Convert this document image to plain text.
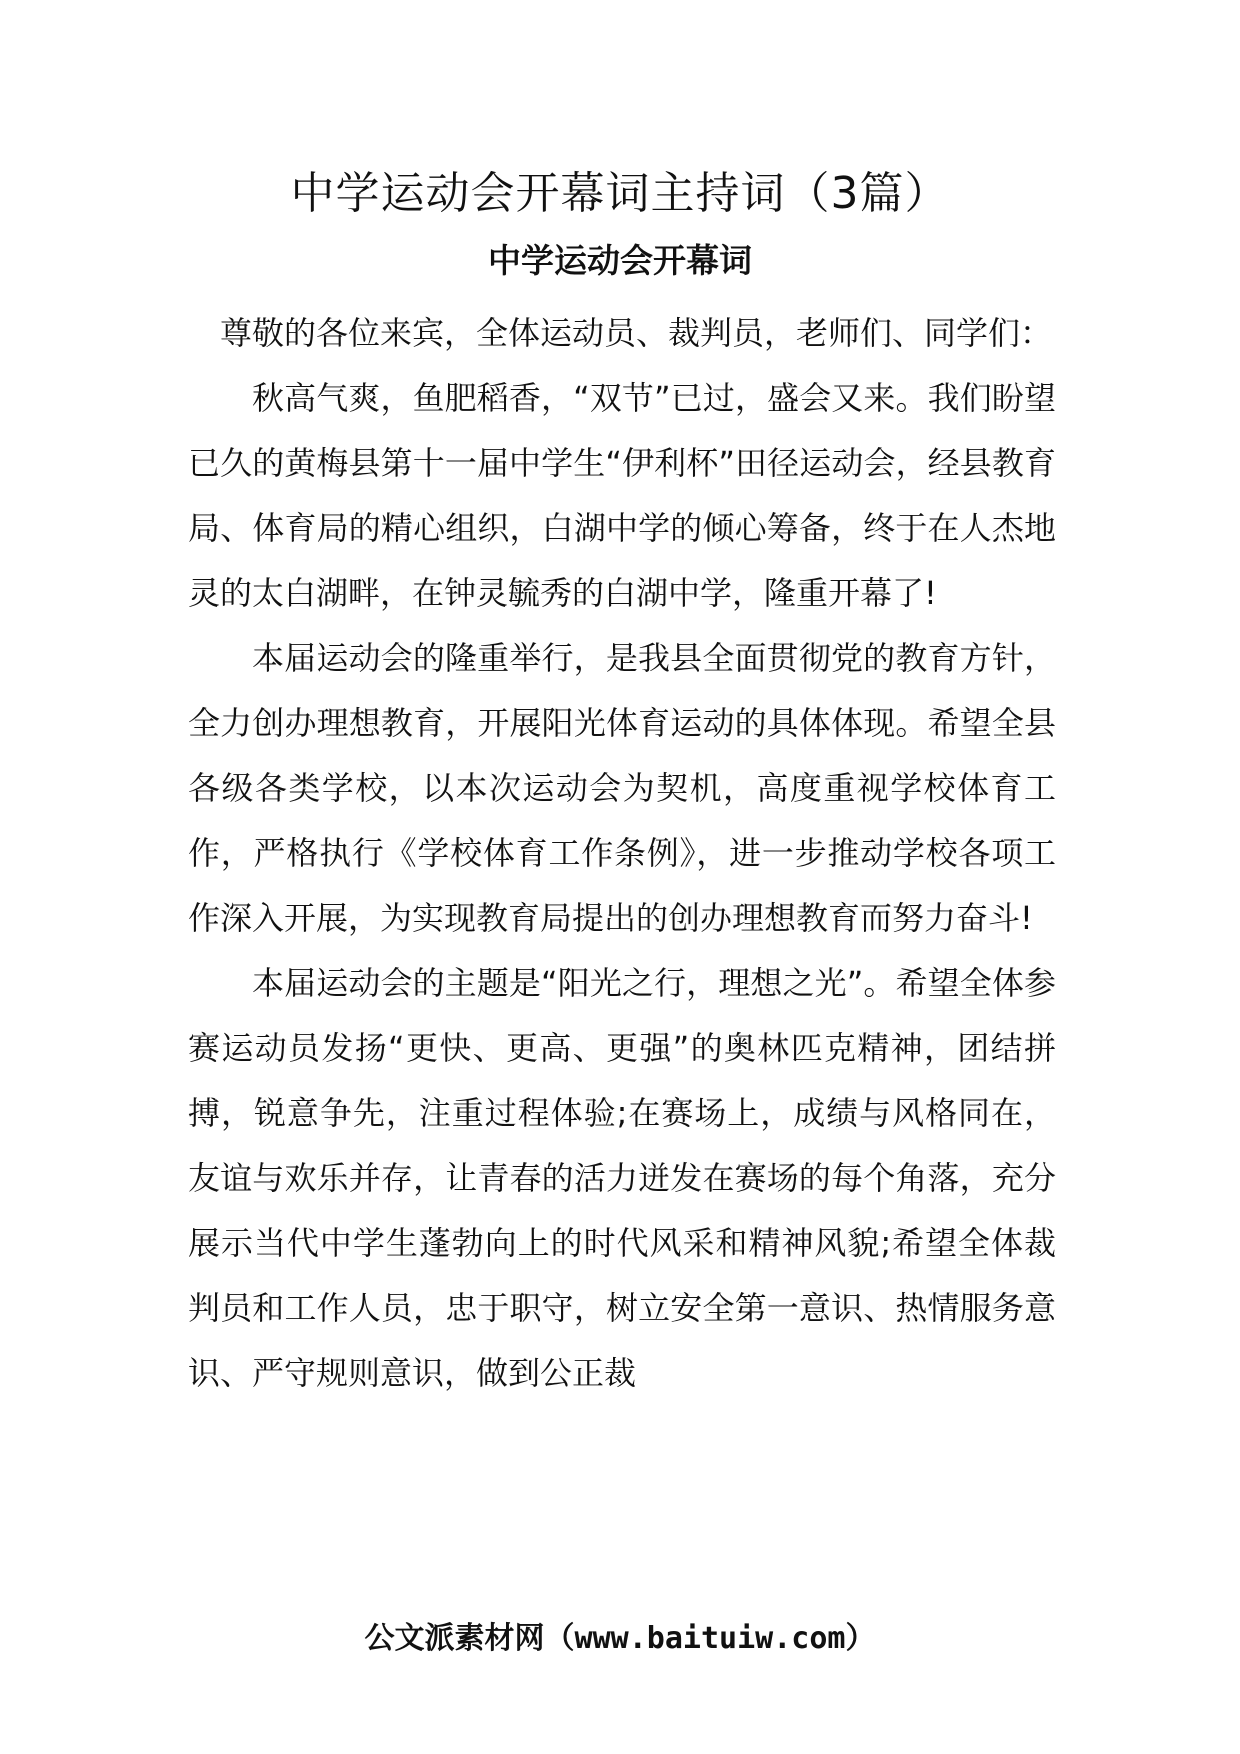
中学运动会开幕词主持词（3篇）
中学运动会开幕词

尊敬的各位来宾，全体运动员、裁判员，老师们、同学们：

秋高气爽，鱼肥稻香，“双节”已过，盛会又来。我们盼望已久的黄梅县第十一届中学生“伊利杯”田径运动会，经县教育局、体育局的精心组织，白湖中学的倾心筹备，终于在人杰地灵的太白湖畔，在钟灵毓秀的白湖中学，隆重开幕了!

本届运动会的隆重举行，是我县全面贯彻党的教育方针，全力创办理想教育，开展阳光体育运动的具体体现。希望全县各级各类学校，以本次运动会为契机，高度重视学校体育工作，严格执行《学校体育工作条例》，进一步推动学校各项工作深入开展，为实现教育局提出的创办理想教育而努力奋斗!

本届运动会的主题是“阳光之行，理想之光”。希望全体参赛运动员发扬“更快、更高、更强”的奥林匹克精神，团结拼搏，锐意争先，注重过程体验;在赛场上，成绩与风格同在，友谊与欢乐并存，让青春的活力迸发在赛场的每个角落，充分展示当代中学生蓬勃向上的时代风采和精神风貌;希望全体裁判员和工作人员，忠于职守，树立安全第一意识、热情服务意识、严守规则意识，做到公正裁

公文派素材网（www.baituiw.com）
